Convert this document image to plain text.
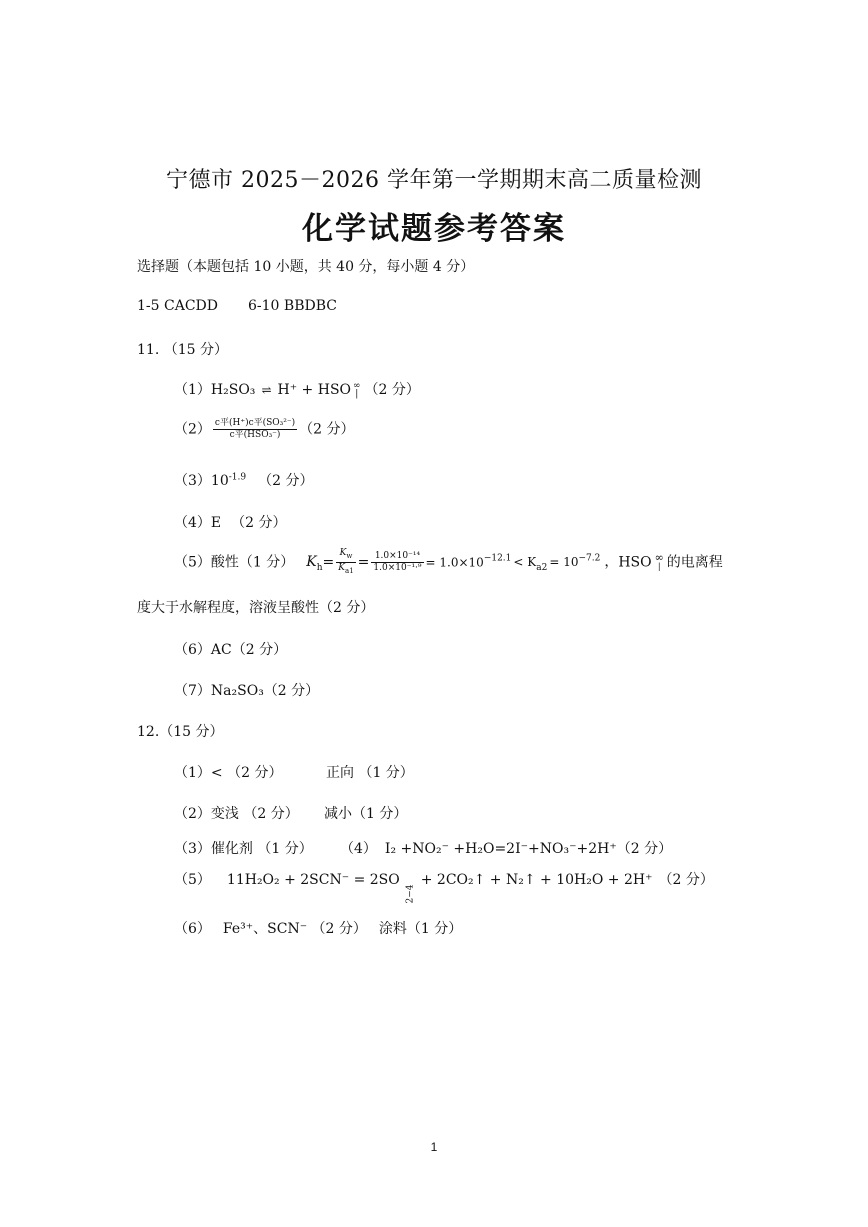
宁德市 2025－2026 学年第一学期期末高二质量检测
化学试题参考答案
选择题（本题包括 10 小题，共 40 分，每小题 4 分）
1-5 CACDD 6-10 BBDBC
11. （15 分）
（1）H₂SO₃ ⇌ H⁺ + HSO ∞
| （2 分）
$(2) \frac{\text{c平(H⁺)c平(SO₃²⁻)}}{\text{c平(HSO₃⁻)}} (2$ 分）
$(3)10^{-1.9}$ （2 分）
（4）E （2 分）
（5）酸性（1 分） $K_h= \frac{K_w}{K_{a1}} = \frac{\text{1.0×10⁻¹⁴}}{\text{1.0×10⁻¹·⁹}} = 1.0\times 10^{-12.1} < K_{a2} = 10^{-7.2}$ ，HSO ∞
| 的电离程
度大于水解程度，溶液呈酸性（2 分）
（6）AC（2 分）
（7）Na₂SO₃（2 分）
12.（15 分）
（1）< （2 分）	正向 （1 分）
（2）变浅 （2 分） 减小（1 分）
（3）催化剂 （1 分） （4） I₂ +NO₂⁻ +H₂O=2I⁻+NO₃⁻+2H⁺（2 分）
（5） 11H₂O₂ + 2SCN⁻ = 2SO2−4+ 2CO₂↑ + N₂↑ + 10H₂O + 2H⁺ （2 分）
（6） Fe³⁺、SCN⁻ （2 分） 涂料（1 分）
1
